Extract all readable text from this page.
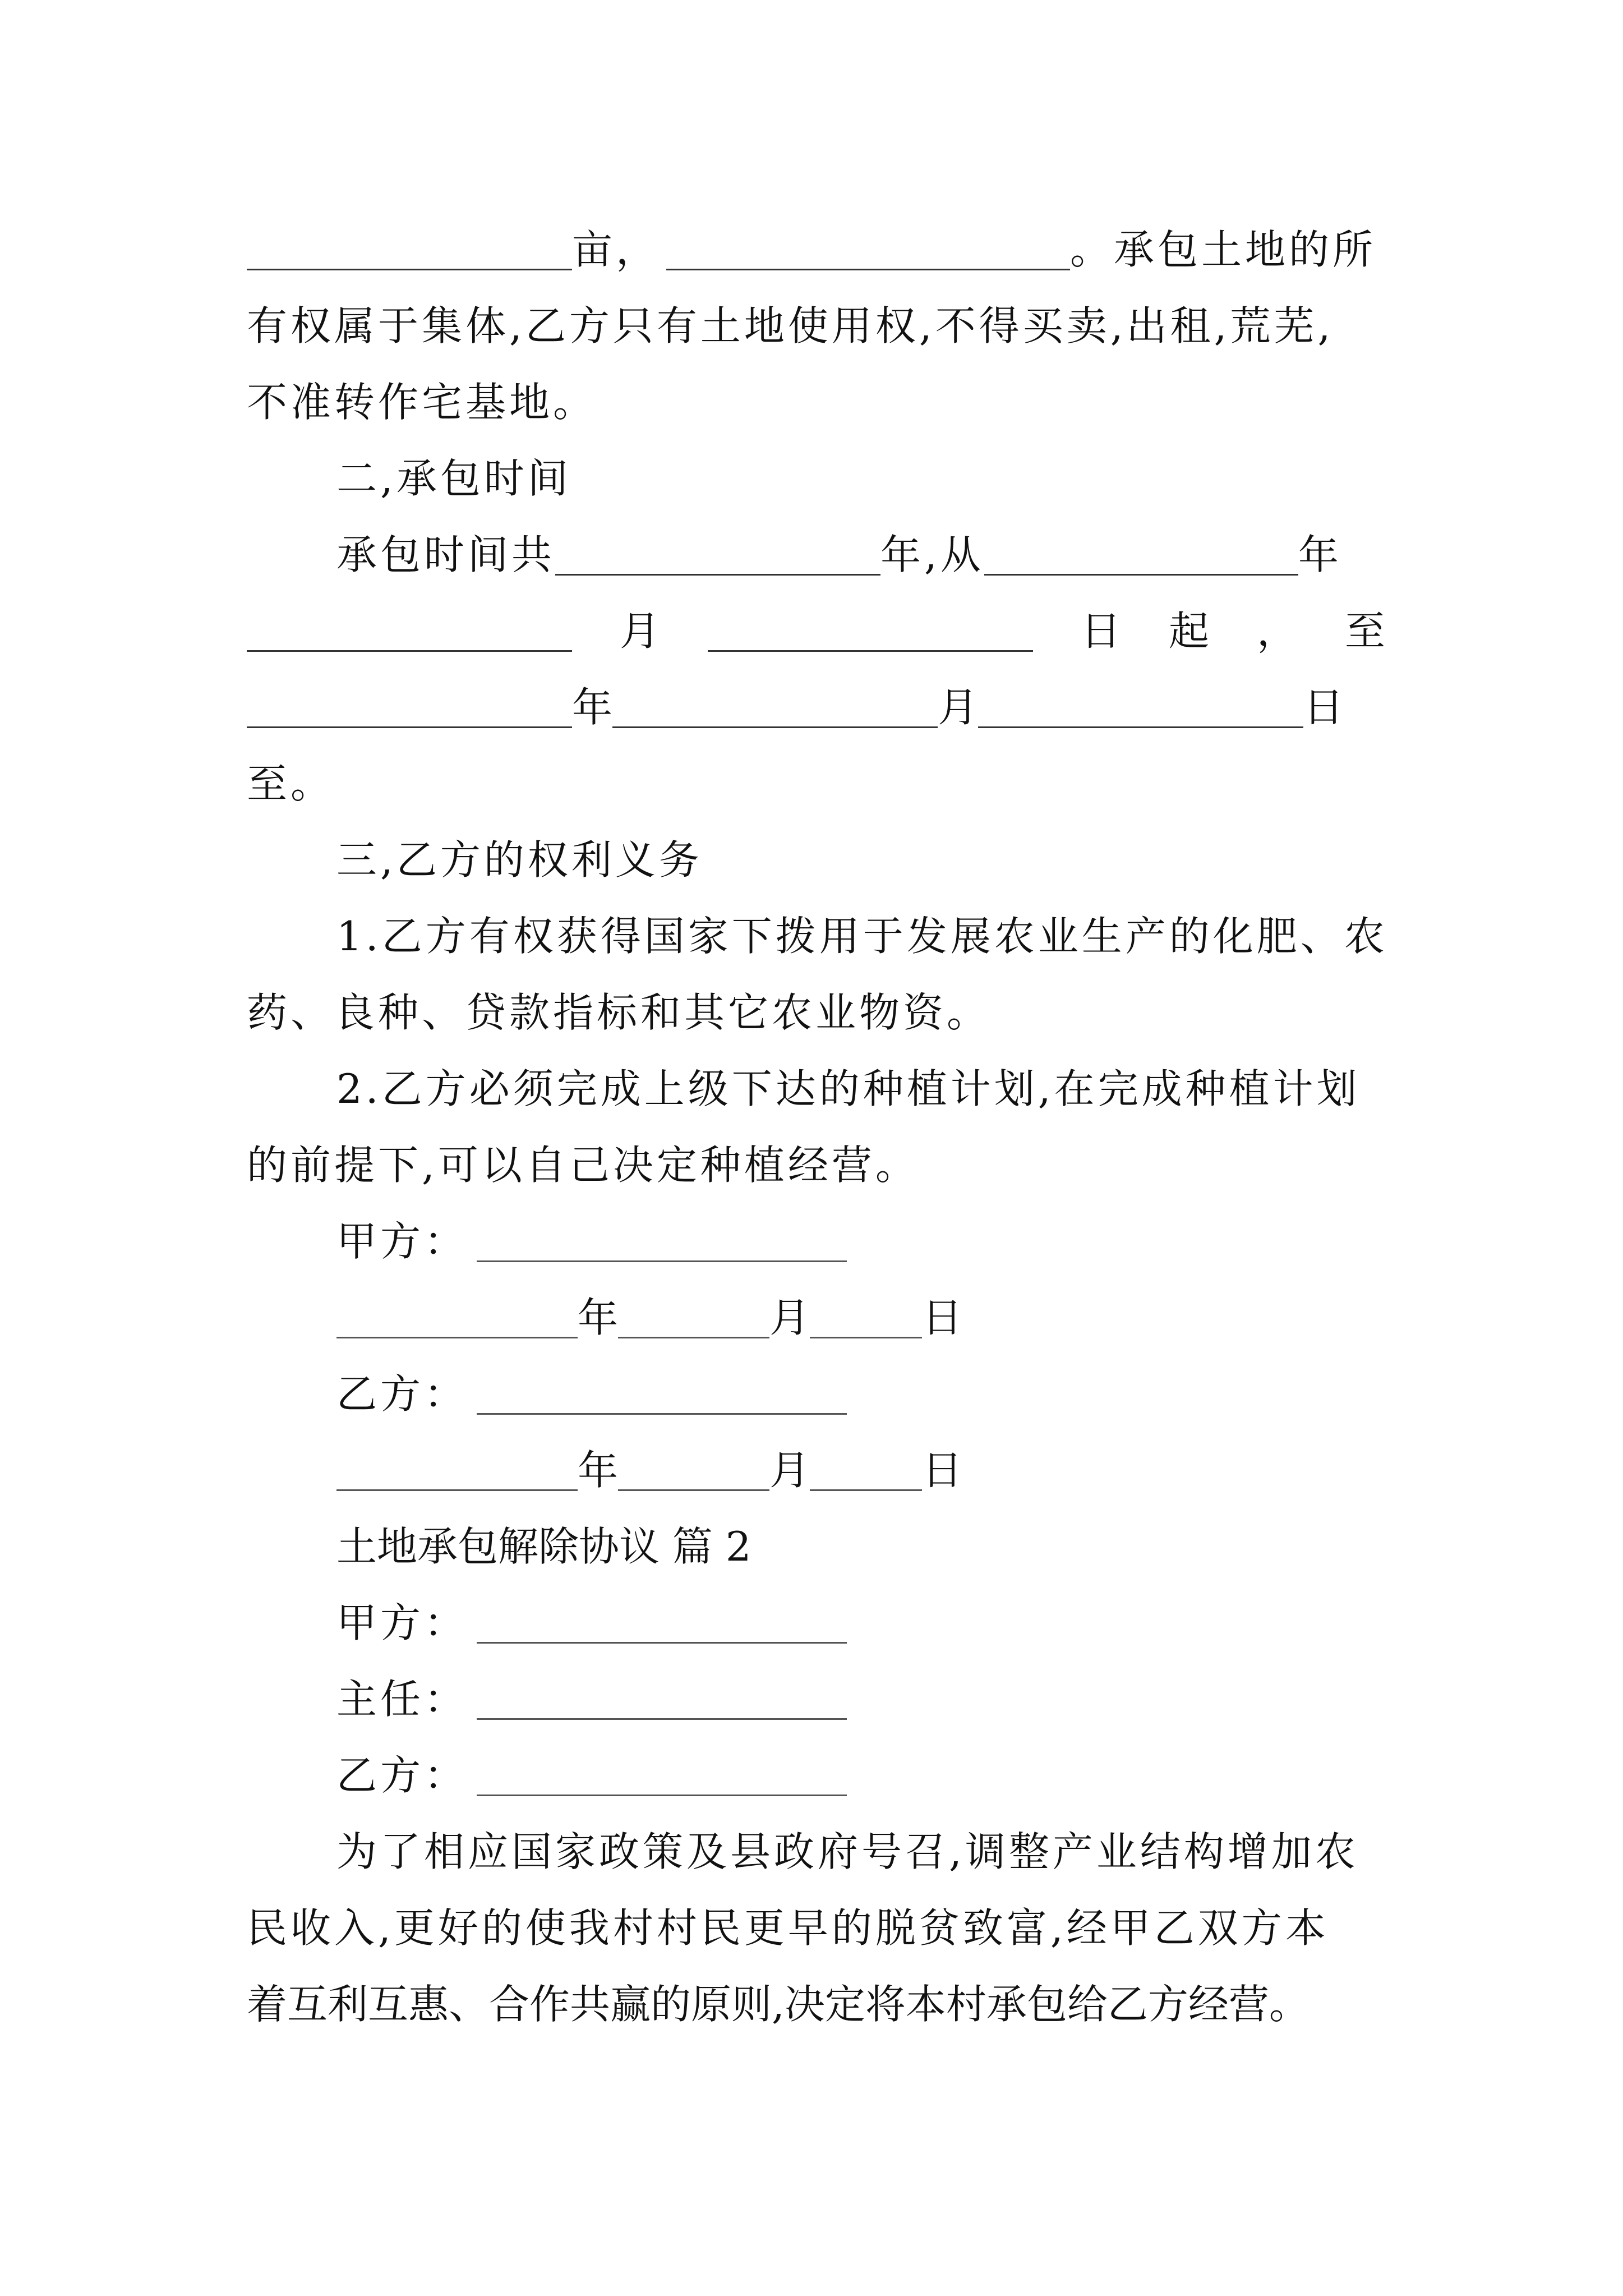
亩，	。承包土地的所
有权属于集体,乙方只有土地使用权,不得买卖,出租,荒芜,
不准转作宅基地。
二,承包时间
承包时间共	年,从	年
月	日 起 ， 至
年	月	日
至。
三,乙方的权利义务
1.乙方有权获得国家下拨用于发展农业生产的化肥、农
药、良种、贷款指标和其它农业物资。
2.乙方必须完成上级下达的种植计划,在完成种植计划
的前提下,可以自己决定种植经营。
甲方：
年	月	日
乙方：
年	月	日
土地承包解除协议 篇 2
甲方：
主任：
乙方：
为了相应国家政策及县政府号召,调整产业结构增加农
民收入,更好的使我村村民更早的脱贫致富,经甲乙双方本
着互利互惠、合作共赢的原则,决定将本村承包给乙方经营。
